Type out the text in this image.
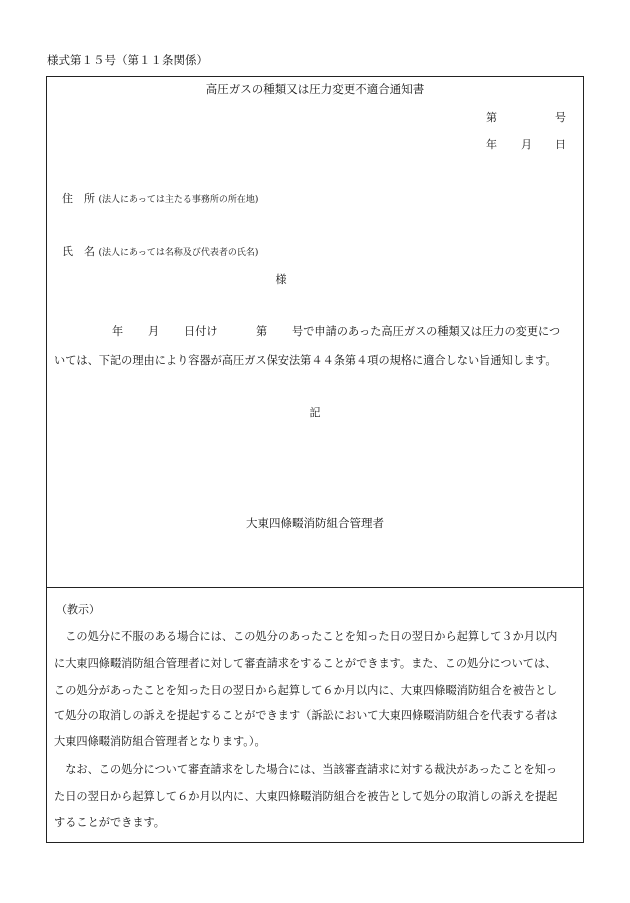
様式第１５号（第１１条関係）
高圧ガスの種類又は圧力変更不適合通知書
第	号
年 月 日
住　所 (法人にあっては主たる事務所の所在地)
氏　名 (法人にあっては名称及び代表者の氏名)
様
年 月 日付け	第 号で申請のあった高圧ガスの種類又は圧力の変更につ
いては、下記の理由により容器が高圧ガス保安法第４４条第４項の規格に適合しない旨通知します。
記
大東四條畷消防組合管理者
（教示）
　この処分に不服のある場合には、この処分のあったことを知った日の翌日から起算して３か月以内
に大東四條畷消防組合管理者に対して審査請求をすることができます。また、この処分については、
この処分があったことを知った日の翌日から起算して６か月以内に、大東四條畷消防組合を被告とし
て処分の取消しの訴えを提起することができます（訴訟において大東四條畷消防組合を代表する者は
大東四條畷消防組合管理者となります。）。
　なお、この処分について審査請求をした場合には、当該審査請求に対する裁決があったことを知っ
た日の翌日から起算して６か月以内に、大東四條畷消防組合を被告として処分の取消しの訴えを提起
することができます。
